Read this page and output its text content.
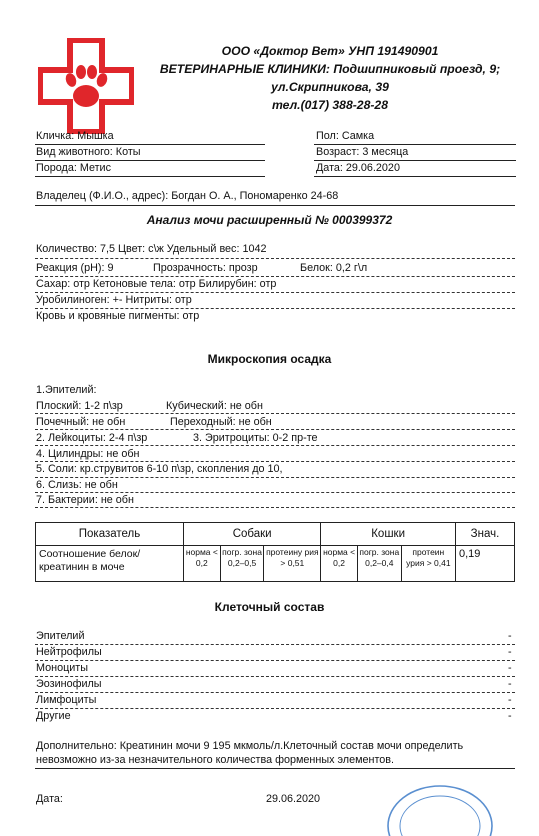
ООО «Доктор Вет» УНП 191490901
ВЕТЕРИНАРНЫЕ КЛИНИКИ: Подшипниковый проезд, 9;
ул.Скрипникова, 39
тел.(017) 388-28-28
Кличка: Мышка
Вид животного: Коты
Порода: Метис
Пол: Самка
Возраст: 3 месяца
Дата: 29.06.2020
Владелец (Ф.И.О., адрес): Богдан О. А., Пономаренко 24-68
Анализ мочи расширенный № 000399372
Количество: 7,5 Цвет: с\ж Удельный вес: 1042
Реакция (pH): 9	Прозрачность: прозр	Белок: 0,2 г\л
Сахар: отр Кетоновые тела: отр Билирубин: отр
Уробилиноген: +- Нитриты: отр
Кровь и кровяные пигменты: отр
Микроскопия осадка
1.Эпителий:
Плоский: 1-2 п\зр	Кубический: не обн
Почечный: не обн	Переходный: не обн
2. Лейкоциты: 2-4 п\зр	3. Эритроциты: 0-2 пр-те
4. Цилиндры: не обн
5. Соли: кр.струвитов 6-10 п\зр, скопления до 10,
6. Слизь: не обн
7. Бактерии: не обн
Показатель	Собаки			Кошки			Знач.
Соотношение белок/креатинин в моче	норма < 0,2	погр. зона 0,2–0,5	протеину рия > 0,51	норма < 0,2	погр. зона 0,2–0,4	протеин урия > 0,41	0,19
Клеточный состав
Эпителий	-
Нейтрофилы	-
Моноциты	-
Эозинофилы	-
Лимфоциты	-
Другие	-
Дополнительно: Креатинин мочи 9 195 мкмоль/л.Клеточный состав мочи определить
невозможно из-за незначительного количества форменных элементов.
Дата:	29.06.2020
